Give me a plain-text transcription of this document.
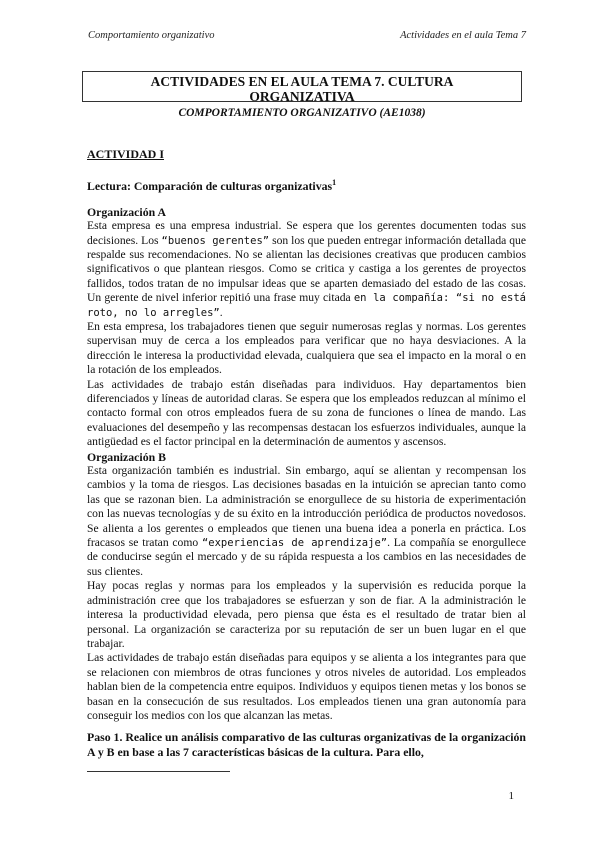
Comportamiento organizativo	Actividades en el aula Tema 7
ACTIVIDADES EN EL AULA TEMA 7. CULTURA
ORGANIZATIVA
COMPORTAMIENTO ORGANIZATIVO (AE1038)
ACTIVIDAD I
Lectura: Comparación de culturas organizativas$^1$
Organización A

Esta empresa es una empresa industrial. Se espera que los gerentes documenten todas sus decisiones. Los “buenos gerentes” son los que pueden entregar información detallada que respalde sus recomendaciones. No se alientan las decisiones creativas que producen cambios significativos o que plantean riesgos. Como se critica y castiga a los gerentes de proyectos fallidos, todos tratan de no impulsar ideas que se aparten demasiado del estado de las cosas. Un gerente de nivel inferior repitió una frase muy citada en la compañía: “si no está roto, no lo arregles”.

En esta empresa, los trabajadores tienen que seguir numerosas reglas y normas. Los gerentes supervisan muy de cerca a los empleados para verificar que no haya desviaciones. A la dirección le interesa la productividad elevada, cualquiera que sea el impacto en la moral o en la rotación de los empleados.

Las actividades de trabajo están diseñadas para individuos. Hay departamentos bien diferenciados y líneas de autoridad claras. Se espera que los empleados reduzcan al mínimo el contacto formal con otros empleados fuera de su zona de funciones o línea de mando. Las evaluaciones del desempeño y las recompensas destacan los esfuerzos individuales, aunque la antigüedad es el factor principal en la determinación de aumentos y ascensos.

Organización B

Esta organización también es industrial. Sin embargo, aquí se alientan y recompensan los cambios y la toma de riesgos. Las decisiones basadas en la intuición se aprecian tanto como las que se razonan bien. La administración se enorgullece de su historia de experimentación con las nuevas tecnologías y de su éxito en la introducción periódica de productos novedosos. Se alienta a los gerentes o empleados que tienen una buena idea a ponerla en práctica. Los fracasos se tratan como “experiencias de aprendizaje”. La compañía se enorgullece de conducirse según el mercado y de su rápida respuesta a los cambios en las necesidades de sus clientes.

Hay pocas reglas y normas para los empleados y la supervisión es reducida porque la administración cree que los trabajadores se esfuerzan y son de fiar. A la administración le interesa la productividad elevada, pero piensa que ésta es el resultado de tratar bien al personal. La organización se caracteriza por su reputación de ser un buen lugar en el que trabajar.

Las actividades de trabajo están diseñadas para equipos y se alienta a los integrantes para que se relacionen con miembros de otras funciones y otros niveles de autoridad. Los empleados hablan bien de la competencia entre equipos. Individuos y equipos tienen metas y los bonos se basan en la consecución de sus resultados. Los empleados tienen una gran autonomía para conseguir los medios con los que alcanzan las metas.

Paso 1. Realice un análisis comparativo de las culturas organizativas de la organización A y B en base a las 7 características básicas de la cultura. Para ello,
1
